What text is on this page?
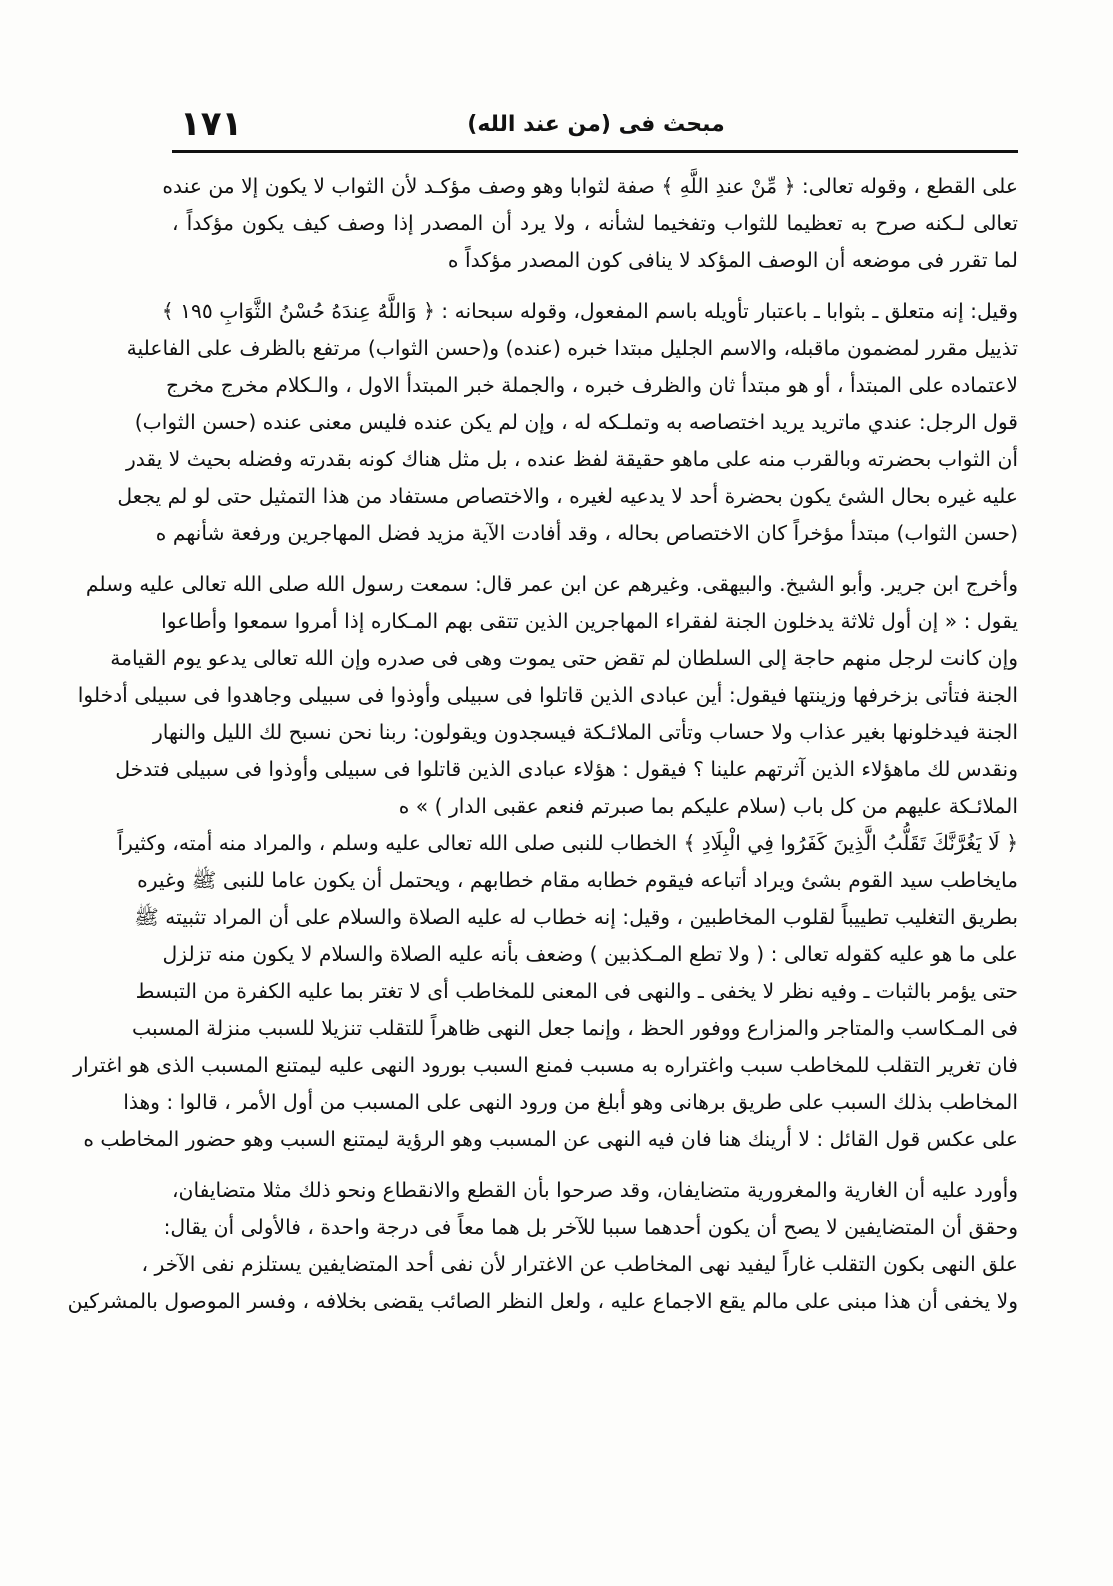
١٧١	مبحث فى (من عند الله)
على القطع ، وقوله تعالى: ﴿ مِّنْ عندِ اللَّهِ ﴾ صفة لثوابا وهو وصف مؤكـد لأن الثواب لا يكون إلا من عنده
تعالى لـكنه صرح به تعظيما للثواب وتفخيما لشأنه ، ولا يرد أن المصدر إذا وصف كيف يكون مؤكداً ،
لما تقرر فى موضعه أن الوصف المؤكد لا ينافى كون المصدر مؤكداً ه
وقيل: إنه متعلق ـ بثوابا ـ باعتبار تأويله باسم المفعول، وقوله سبحانه : ﴿ وَاللَّهُ عِندَهُ حُسْنُ الثَّوَابِ ١٩٥ ﴾
تذييل مقرر لمضمون ماقبله، والاسم الجليل مبتدا خبره (عنده) و(حسن الثواب) مرتفع بالظرف على الفاعلية
لاعتماده على المبتدأ ، أو هو مبتدأ ثان والظرف خبره ، والجملة خبر المبتدأ الاول ، والـكلام مخرج مخرج
قول الرجل: عندي ماتريد يريد اختصاصه به وتملـكه له ، وإن لم يكن عنده فليس معنى عنده (حسن الثواب)
أن الثواب بحضرته وبالقرب منه على ماهو حقيقة لفظ عنده ، بل مثل هناك كونه بقدرته وفضله بحيث لا يقدر
عليه غيره بحال الشئ يكون بحضرة أحد لا يدعيه لغيره ، والاختصاص مستفاد من هذا التمثيل حتى لو لم يجعل
(حسن الثواب) مبتدأ مؤخراً كان الاختصاص بحاله ، وقد أفادت الآية مزيد فضل المهاجرين ورفعة شأنهم ه
وأخرج ابن جرير. وأبو الشيخ. والبيهقى. وغيرهم عن ابن عمر قال: سمعت رسول الله صلى الله تعالى عليه وسلم
يقول : « إن أول ثلاثة يدخلون الجنة لفقراء المهاجرين الذين تتقى بهم المـكاره إذا أمروا سمعوا وأطاعوا
وإن كانت لرجل منهم حاجة إلى السلطان لم تقض حتى يموت وهى فى صدره وإن الله تعالى يدعو يوم القيامة
الجنة فتأتى بزخرفها وزينتها فيقول: أين عبادى الذين قاتلوا فى سبيلى وأوذوا فى سبيلى وجاهدوا فى سبيلى أدخلوا
الجنة فيدخلونها بغير عذاب ولا حساب وتأتى الملائـكة فيسجدون ويقولون: ربنا نحن نسبح لك الليل والنهار
ونقدس لك ماهؤلاء الذين آثرتهم علينا ؟ فيقول : هؤلاء عبادى الذين قاتلوا فى سبيلى وأوذوا فى سبيلى فتدخل
الملائـكة عليهم من كل باب (سلام عليكم بما صبرتم فنعم عقبى الدار ) » ه
﴿ لَا يَغُرَّنَّكَ تَقَلُّبُ الَّذِينَ كَفَرُوا فِي الْبِلَادِ ﴾ الخطاب للنبى صلى الله تعالى عليه وسلم ، والمراد منه أمته، وكثيراً
مايخاطب سيد القوم بشئ ويراد أتباعه فيقوم خطابه مقام خطابهم ، ويحتمل أن يكون عاما للنبى ﷺ وغيره
بطريق التغليب تطييباً لقلوب المخاطبين ، وقيل: إنه خطاب له عليه الصلاة والسلام على أن المراد تثبيته ﷺ
على ما هو عليه كقوله تعالى : ( ولا تطع المـكذبين ) وضعف بأنه عليه الصلاة والسلام لا يكون منه تزلزل
حتى يؤمر بالثبات ـ وفيه نظر لا يخفى ـ والنهى فى المعنى للمخاطب أى لا تغتر بما عليه الكفرة من التبسط
فى المـكاسب والمتاجر والمزارع ووفور الحظ ، وإنما جعل النهى ظاهراً للتقلب تنزيلا للسبب منزلة المسبب
فان تغرير التقلب للمخاطب سبب واغتراره به مسبب فمنع السبب بورود النهى عليه ليمتنع المسبب الذى هو اغترار
المخاطب بذلك السبب على طريق برهانى وهو أبلغ من ورود النهى على المسبب من أول الأمر ، قالوا : وهذا
على عكس قول القائل : لا أرينك هنا فان فيه النهى عن المسبب وهو الرؤية ليمتنع السبب وهو حضور المخاطب ه
وأورد عليه أن الغارية والمغرورية متضايفان، وقد صرحوا بأن القطع والانقطاع ونحو ذلك مثلا متضايفان،
وحقق أن المتضايفين لا يصح أن يكون أحدهما سببا للآخر بل هما معاً فى درجة واحدة ، فالأولى أن يقال:
علق النهى بكون التقلب غاراً ليفيد نهى المخاطب عن الاغترار لأن نفى أحد المتضايفين يستلزم نفى الآخر ،
ولا يخفى أن هذا مبنى على مالم يقع الاجماع عليه ، ولعل النظر الصائب يقضى بخلافه ، وفسر الموصول بالمشركين
